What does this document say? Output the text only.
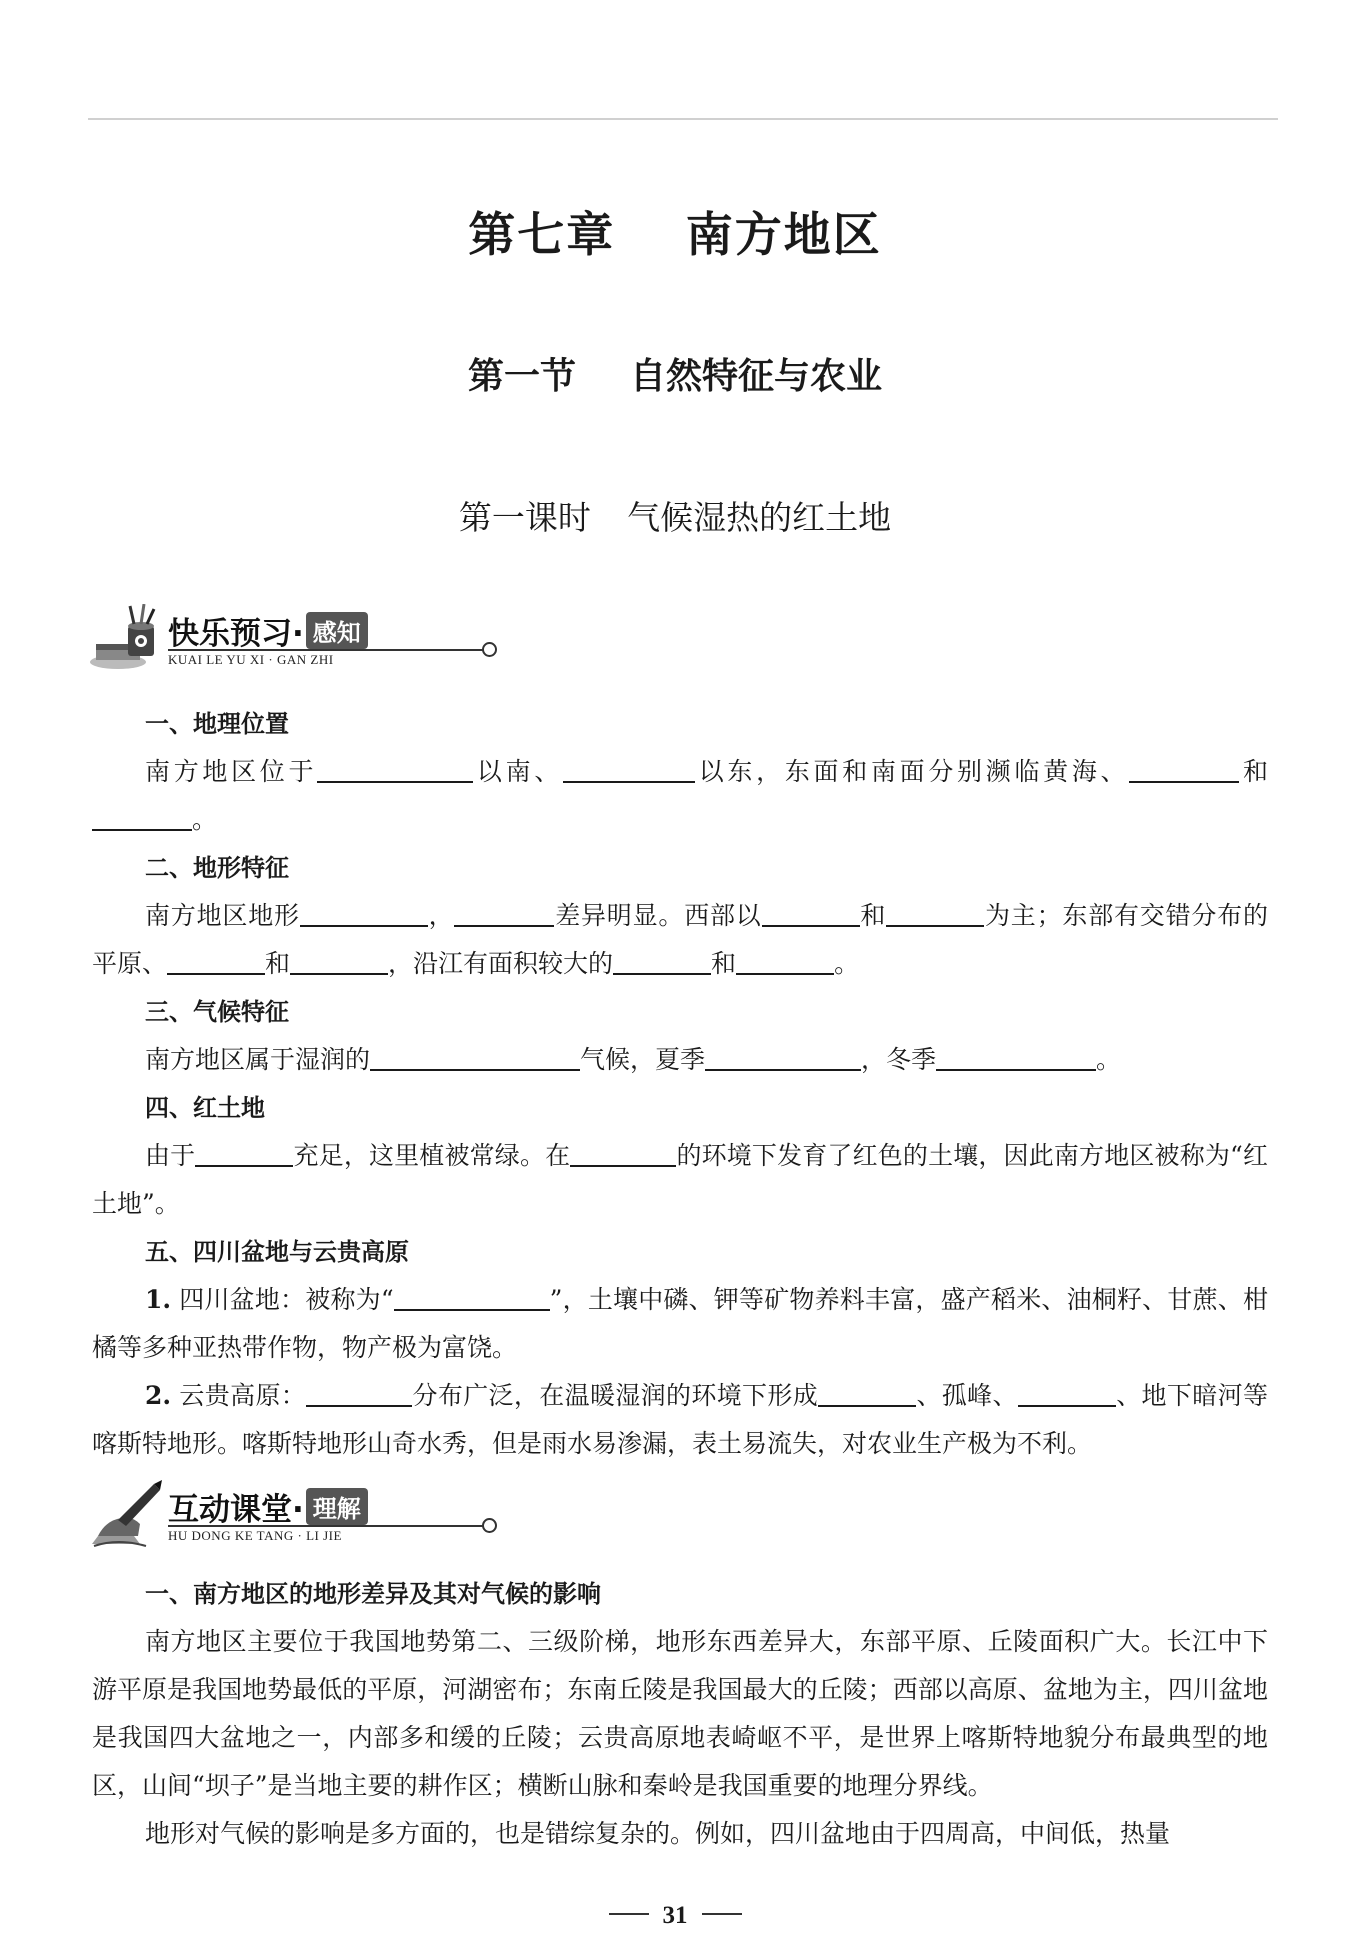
第七章 南方地区
第一节 自然特征与农业
第一课时 气候湿热的红土地
快乐预习· 感知
KUAI LE YU XI · GAN ZHI

一、地理位置

南方地区位于	以南、	以东，东面和南面分别濒临黄海、	和。

二、地形特征

南方地区地形	，	差异明显。西部以	和	为主；东部有交错分布的平原、	和	，沿江有面积较大的	和	。

三、气候特征

南方地区属于湿润的	气候，夏季	，冬季	。

四、红土地

由于	充足，这里植被常绿。在	的环境下发育了红色的土壤，因此南方地区被称为“红土地”。

五、四川盆地与云贵高原

1. 四川盆地：被称为“	”，土壤中磷、钾等矿物养料丰富，盛产稻米、油桐籽、甘蔗、柑橘等多种亚热带作物，物产极为富饶。

2. 云贵高原：	分布广泛，在温暖湿润的环境下形成	、孤峰、	、地下暗河等喀斯特地形。喀斯特地形山奇水秀，但是雨水易渗漏，表土易流失，对农业生产极为不利。

互动课堂· 理解
HU DONG KE TANG · LI JIE

一、南方地区的地形差异及其对气候的影响

南方地区主要位于我国地势第二、三级阶梯，地形东西差异大，东部平原、丘陵面积广大。长江中下游平原是我国地势最低的平原，河湖密布；东南丘陵是我国最大的丘陵；西部以高原、盆地为主，四川盆地是我国四大盆地之一，内部多和缓的丘陵；云贵高原地表崎岖不平，是世界上喀斯特地貌分布最典型的地区，山间“坝子”是当地主要的耕作区；横断山脉和秦岭是我国重要的地理分界线。

地形对气候的影响是多方面的，也是错综复杂的。例如，四川盆地由于四周高，中间低，热量

31
